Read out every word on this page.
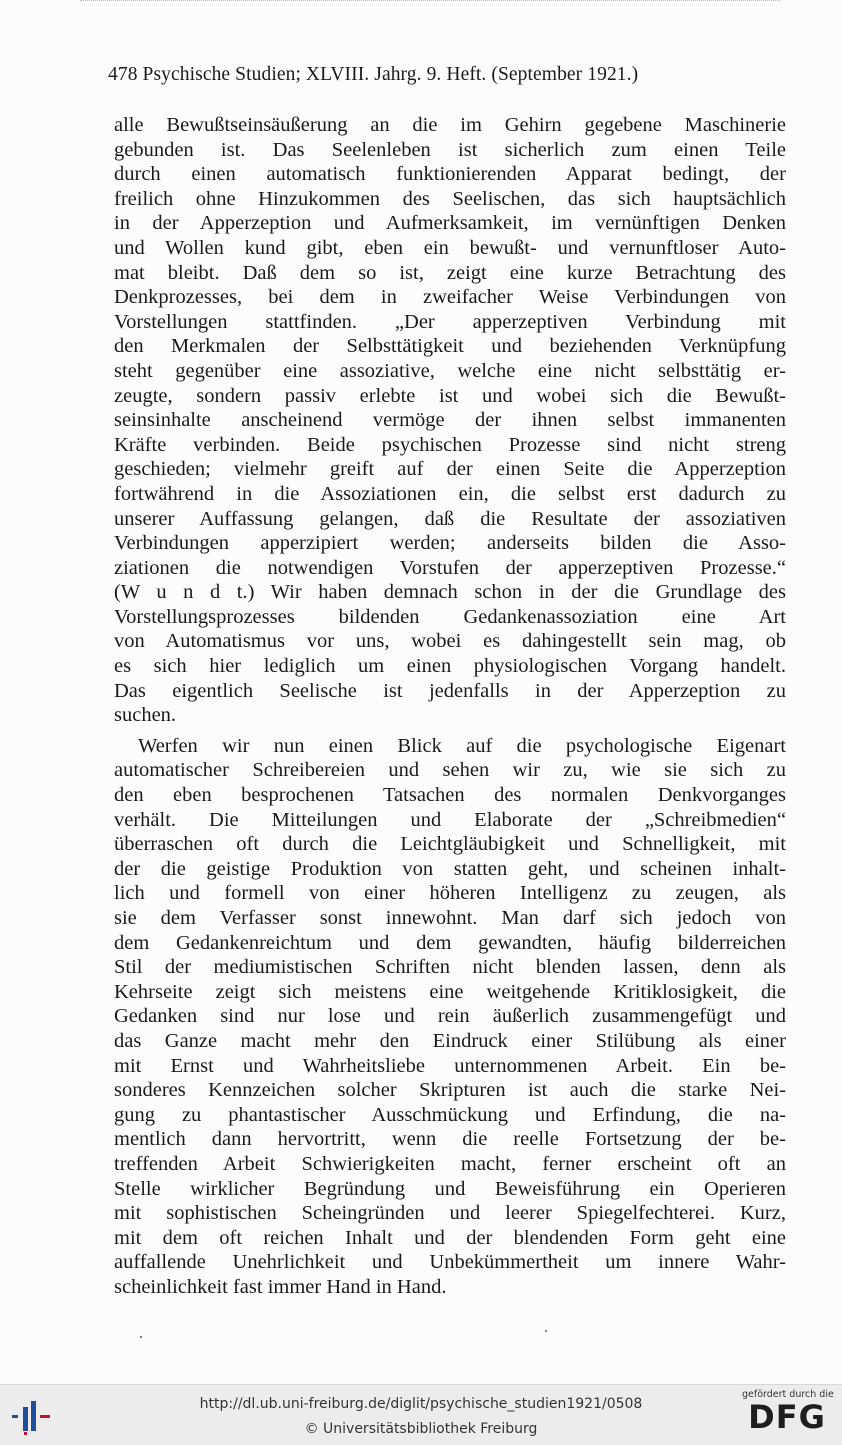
478 Psychische Studien; XLVIII. Jahrg. 9. Heft. (September 1921.)
alle Bewußtseinsäußerung an die im Gehirn gegebene Maschinerie
gebunden ist. Das Seelenleben ist sicherlich zum einen Teile
durch einen automatisch funktionierenden Apparat bedingt, der
freilich ohne Hinzukommen des Seelischen, das sich hauptsächlich
in der Apperzeption und Aufmerksamkeit, im vernünftigen Denken
und Wollen kund gibt, eben ein bewußt- und vernunftloser Auto-
mat bleibt. Daß dem so ist, zeigt eine kurze Betrachtung des
Denkprozesses, bei dem in zweifacher Weise Verbindungen von
Vorstellungen stattfinden. „Der apperzeptiven Verbindung mit
den Merkmalen der Selbsttätigkeit und beziehenden Verknüpfung
steht gegenüber eine assoziative, welche eine nicht selbsttätig er-
zeugte, sondern passiv erlebte ist und wobei sich die Bewußt-
seinsinhalte anscheinend vermöge der ihnen selbst immanenten
Kräfte verbinden. Beide psychischen Prozesse sind nicht streng
geschieden; vielmehr greift auf der einen Seite die Apperzeption
fortwährend in die Assoziationen ein, die selbst erst dadurch zu
unserer Auffassung gelangen, daß die Resultate der assoziativen
Verbindungen apperzipiert werden; anderseits bilden die Asso-
ziationen die notwendigen Vorstufen der apperzeptiven Prozesse.“
(W u n d t.) Wir haben demnach schon in der die Grundlage des
Vorstellungsprozesses bildenden Gedankenassoziation eine Art
von Automatismus vor uns, wobei es dahingestellt sein mag, ob
es sich hier lediglich um einen physiologischen Vorgang handelt.
Das eigentlich Seelische ist jedenfalls in der Apperzeption zu
suchen.
Werfen wir nun einen Blick auf die psychologische Eigenart
automatischer Schreibereien und sehen wir zu, wie sie sich zu
den eben besprochenen Tatsachen des normalen Denkvorganges
verhält. Die Mitteilungen und Elaborate der „Schreibmedien“
überraschen oft durch die Leichtgläubigkeit und Schnelligkeit, mit
der die geistige Produktion von statten geht, und scheinen inhalt-
lich und formell von einer höheren Intelligenz zu zeugen, als
sie dem Verfasser sonst innewohnt. Man darf sich jedoch von
dem Gedankenreichtum und dem gewandten, häufig bilderreichen
Stil der mediumistischen Schriften nicht blenden lassen, denn als
Kehrseite zeigt sich meistens eine weitgehende Kritiklosigkeit, die
Gedanken sind nur lose und rein äußerlich zusammengefügt und
das Ganze macht mehr den Eindruck einer Stilübung als einer
mit Ernst und Wahrheitsliebe unternommenen Arbeit. Ein be-
sonderes Kennzeichen solcher Skripturen ist auch die starke Nei-
gung zu phantastischer Ausschmückung und Erfindung, die na-
mentlich dann hervortritt, wenn die reelle Fortsetzung der be-
treffenden Arbeit Schwierigkeiten macht, ferner erscheint oft an
Stelle wirklicher Begründung und Beweisführung ein Operieren
mit sophistischen Scheingründen und leerer Spiegelfechterei. Kurz,
mit dem oft reichen Inhalt und der blendenden Form geht eine
auffallende Unehrlichkeit und Unbekümmertheit um innere Wahr-
scheinlichkeit fast immer Hand in Hand.
http://dl.ub.uni-freiburg.de/diglit/psychische_studien1921/0508
© Universitätsbibliothek Freiburg
gefördert durch die
DFG
